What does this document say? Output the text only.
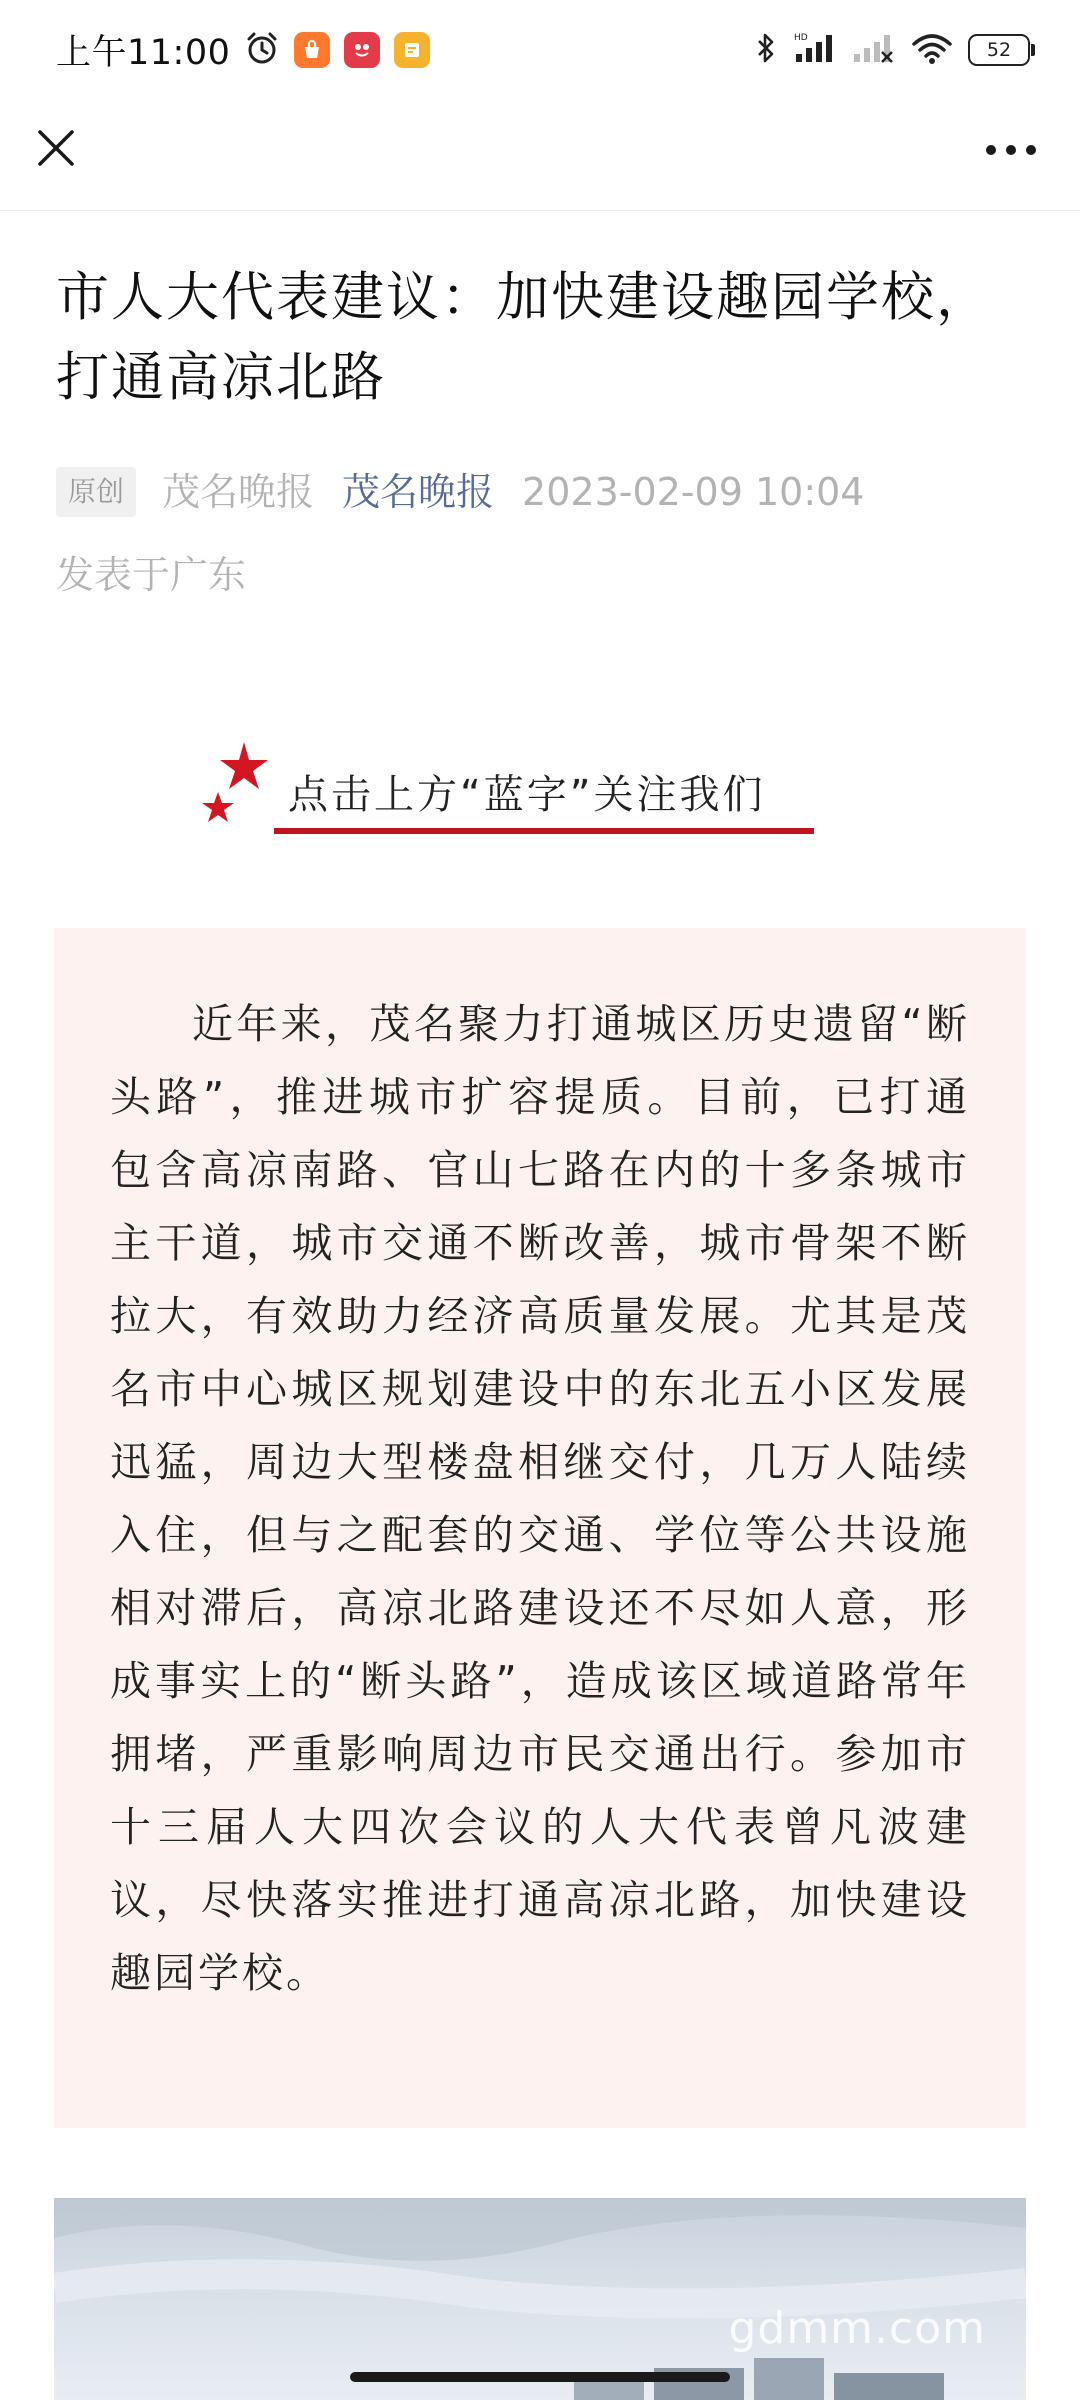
上午11:00	HD
52
市人大代表建议：加快建设趣园学校，打通高凉北路
原创	茂名晚报 茂名晚报 2023-02-09 10:04
发表于广东
点击上方“蓝字”关注我们

近年来，茂名聚力打通城区历史遗留“断头路”，推进城市扩容提质。目前，已打通包含高凉南路、官山七路在内的十多条城市主干道，城市交通不断改善，城市骨架不断拉大，有效助力经济高质量发展。尤其是茂名市中心城区规划建设中的东北五小区发展迅猛，周边大型楼盘相继交付，几万人陆续入住，但与之配套的交通、学位等公共设施相对滞后，高凉北路建设还不尽如人意，形成事实上的“断头路”，造成该区域道路常年拥堵，严重影响周边市民交通出行。参加市十三届人大四次会议的人大代表曾凡波建议，尽快落实推进打通高凉北路，加快建设趣园学校。

gdmm.com
